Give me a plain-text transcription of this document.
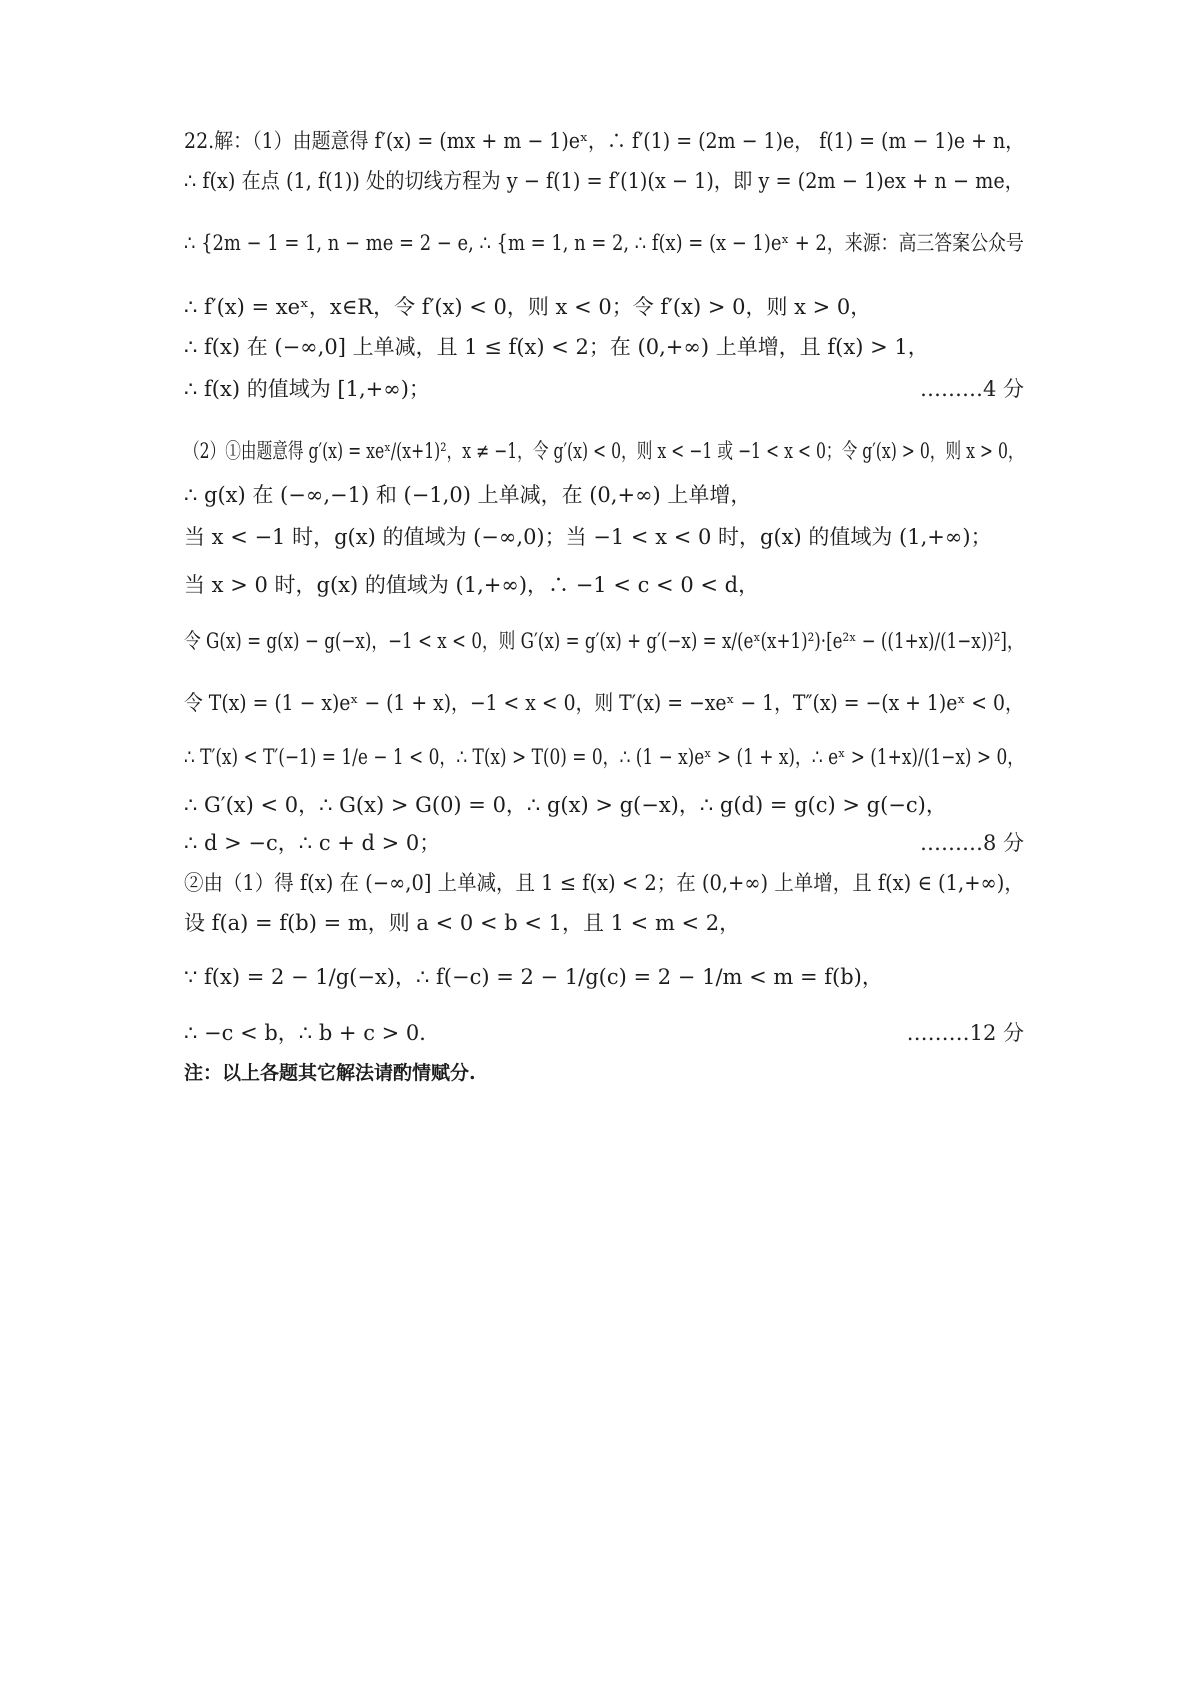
22.解：（1）由题意得 f′(x) = (mx + m − 1)eˣ，∴ f′(1) = (2m − 1)e， f(1) = (m − 1)e + n，
∴ f(x) 在点 (1, f(1)) 处的切线方程为 y − f(1) = f′(1)(x − 1)，即 y = (2m − 1)ex + n − me，
∴ {2m − 1 = 1, n − me = 2 − e, ∴ {m = 1, n = 2, ∴ f(x) = (x − 1)eˣ + 2，来源：高三答案公众号
∴ f′(x) = xeˣ，x∈R，令 f′(x) < 0，则 x < 0；令 f′(x) > 0，则 x > 0，
∴ f(x) 在 (−∞,0] 上单减，且 1 ≤ f(x) < 2；在 (0,+∞) 上单增，且 f(x) > 1，
∴ f(x) 的值域为 [1,+∞)；	………4 分
（2）①由题意得 g′(x) = xeˣ/(x+1)²，x ≠ −1，令 g′(x) < 0，则 x < −1 或 −1 < x < 0；令 g′(x) > 0，则 x > 0，
∴ g(x) 在 (−∞,−1) 和 (−1,0) 上单减，在 (0,+∞) 上单增，
当 x < −1 时，g(x) 的值域为 (−∞,0)；当 −1 < x < 0 时，g(x) 的值域为 (1,+∞)；
当 x > 0 时，g(x) 的值域为 (1,+∞)，∴ −1 < c < 0 < d，
令 G(x) = g(x) − g(−x)，−1 < x < 0，则 G′(x) = g′(x) + g′(−x) = x/(eˣ(x+1)²)·[e²ˣ − ((1+x)/(1−x))²]，
令 T(x) = (1 − x)eˣ − (1 + x)，−1 < x < 0，则 T′(x) = −xeˣ − 1，T″(x) = −(x + 1)eˣ < 0，
∴ T′(x) < T′(−1) = 1/e − 1 < 0，∴ T(x) > T(0) = 0，∴ (1 − x)eˣ > (1 + x)，∴ eˣ > (1+x)/(1−x) > 0，
∴ G′(x) < 0，∴ G(x) > G(0) = 0，∴ g(x) > g(−x)，∴ g(d) = g(c) > g(−c)，
∴ d > −c，∴ c + d > 0；	………8 分
②由（1）得 f(x) 在 (−∞,0] 上单减，且 1 ≤ f(x) < 2；在 (0,+∞) 上单增，且 f(x) ∈ (1,+∞)，
设 f(a) = f(b) = m，则 a < 0 < b < 1，且 1 < m < 2，
∵ f(x) = 2 − 1/g(−x)，∴ f(−c) = 2 − 1/g(c) = 2 − 1/m < m = f(b)，
∴ −c < b，∴ b + c > 0．	………12 分
注：以上各题其它解法请酌情赋分.
